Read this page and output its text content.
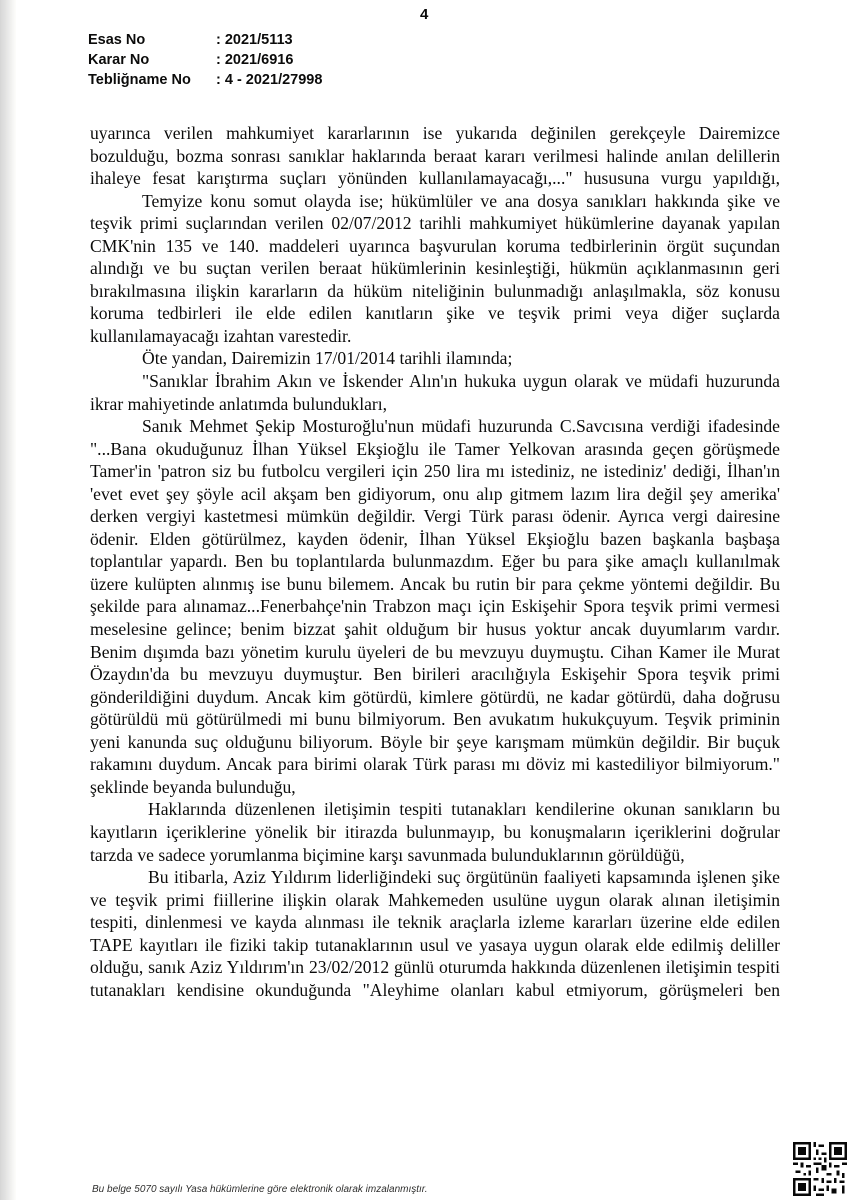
4
Esas No	: 2021/5113
Karar No	: 2021/6916
Tebliğname No	: 4 - 2021/27998

uyarınca verilen mahkumiyet kararlarının ise yukarıda değinilen gerekçeyle Dairemizce bozulduğu, bozma sonrası sanıklar haklarında beraat kararı verilmesi halinde anılan delillerin ihaleye fesat karıştırma suçları yönünden kullanılamayacağı,..." hususuna vurgu yapıldığı,

Temyize konu somut olayda ise; hükümlüler ve ana dosya sanıkları hakkında şike ve teşvik primi suçlarından verilen 02/07/2012 tarihli mahkumiyet hükümlerine dayanak yapılan CMK'nin 135 ve 140. maddeleri uyarınca başvurulan koruma tedbirlerinin örgüt suçundan alındığı ve bu suçtan verilen beraat hükümlerinin kesinleştiği, hükmün açıklanmasının geri bırakılmasına ilişkin kararların da hüküm niteliğinin bulunmadığı anlaşılmakla, söz konusu koruma tedbirleri ile elde edilen kanıtların şike ve teşvik primi veya diğer suçlarda kullanılamayacağı izahtan varestedir.

Öte yandan, Dairemizin 17/01/2014 tarihli ilamında;

"Sanıklar İbrahim Akın ve İskender Alın'ın hukuka uygun olarak ve müdafi huzurunda ikrar mahiyetinde anlatımda bulundukları,

Sanık Mehmet Şekip Mosturoğlu'nun müdafi huzurunda C.Savcısına verdiği ifadesinde "...Bana okuduğunuz İlhan Yüksel Ekşioğlu ile Tamer Yelkovan arasında geçen görüşmede Tamer'in 'patron siz bu futbolcu vergileri için 250 lira mı istediniz, ne istediniz' dediği, İlhan'ın 'evet evet şey şöyle acil akşam ben gidiyorum, onu alıp gitmem lazım lira değil şey amerika' derken vergiyi kastetmesi mümkün değildir. Vergi Türk parası ödenir. Ayrıca vergi dairesine ödenir. Elden götürülmez, kayden ödenir, İlhan Yüksel Ekşioğlu bazen başkanla başbaşa toplantılar yapardı. Ben bu toplantılarda bulunmazdım. Eğer bu para şike amaçlı kullanılmak üzere kulüpten alınmış ise bunu bilemem. Ancak bu rutin bir para çekme yöntemi değildir. Bu şekilde para alınamaz...Fenerbahçe'nin Trabzon maçı için Eskişehir Spora teşvik primi vermesi meselesine gelince; benim bizzat şahit olduğum bir husus yoktur ancak duyumlarım vardır. Benim dışımda bazı yönetim kurulu üyeleri de bu mevzuyu duymuştu. Cihan Kamer ile Murat Özaydın'da bu mevzuyu duymuştur. Ben birileri aracılığıyla Eskişehir Spora teşvik primi gönderildiğini duydum. Ancak kim götürdü, kimlere götürdü, ne kadar götürdü, daha doğrusu götürüldü mü götürülmedi mi bunu bilmiyorum. Ben avukatım hukukçuyum. Teşvik priminin yeni kanunda suç olduğunu biliyorum. Böyle bir şeye karışmam mümkün değildir. Bir buçuk rakamını duydum. Ancak para birimi olarak Türk parası mı döviz mi kastediliyor bilmiyorum." şeklinde beyanda bulunduğu,

Haklarında düzenlenen iletişimin tespiti tutanakları kendilerine okunan sanıkların bu kayıtların içeriklerine yönelik bir itirazda bulunmayıp, bu konuşmaların içeriklerini doğrular tarzda ve sadece yorumlanma biçimine karşı savunmada bulunduklarının görüldüğü,

Bu itibarla, Aziz Yıldırım liderliğindeki suç örgütünün faaliyeti kapsamında işlenen şike ve teşvik primi fiillerine ilişkin olarak Mahkemeden usulüne uygun olarak alınan iletişimin tespiti, dinlenmesi ve kayda alınması ile teknik araçlarla izleme kararları üzerine elde edilen TAPE kayıtları ile fiziki takip tutanaklarının usul ve yasaya uygun olarak elde edilmiş deliller olduğu, sanık Aziz Yıldırım'ın 23/02/2012 günlü oturumda hakkında düzenlenen iletişimin tespiti tutanakları kendisine okunduğunda "Aleyhime olanları kabul etmiyorum, görüşmeleri ben

Bu belge 5070 sayılı Yasa hükümlerine göre elektronik olarak imzalanmıştır.
